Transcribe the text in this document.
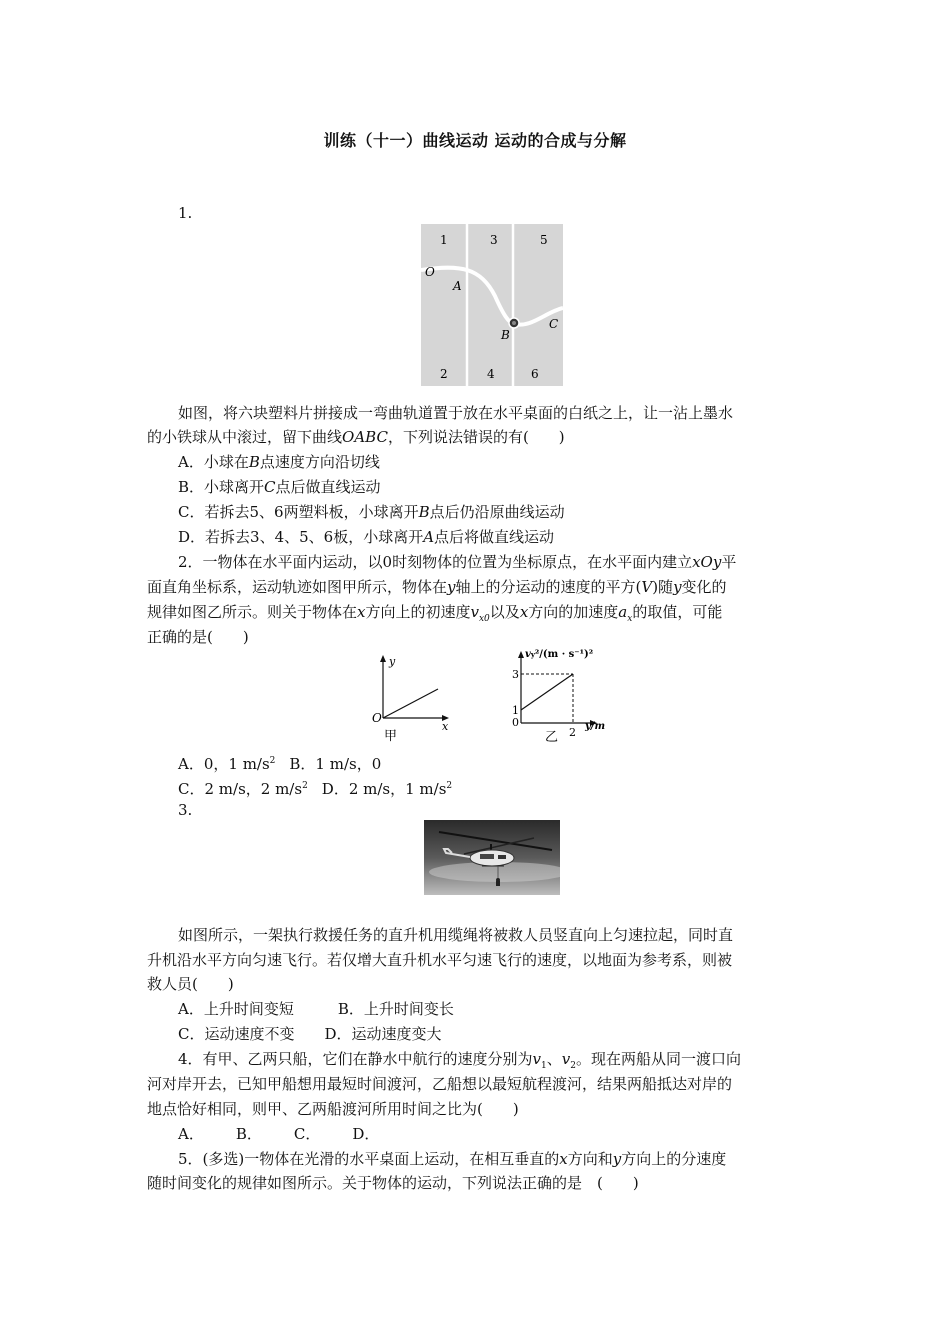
训练（十一）曲线运动 运动的合成与分解
1.
1	3	5
2	4	6
O
A
B
C
如图，将六块塑料片拼接成一弯曲轨道置于放在水平桌面的白纸之上，让一沾上墨水
的小铁球从中滚过，留下曲线OABC，下列说法错误的有(　　)
A．小球在B点速度方向沿切线
B．小球离开C点后做直线运动
C．若拆去5、6两塑料板，小球离开B点后仍沿原曲线运动
D．若拆去3、4、5、6板，小球离开A点后将做直线运动
2．一物体在水平面内运动，以0时刻物体的位置为坐标原点，在水平面内建立xOy平
面直角坐标系，运动轨迹如图甲所示，物体在y轴上的分运动的速度的平方(V)随y变化的
规律如图乙所示。则关于物体在x方向上的初速度$v_{x0}$以及x方向的加速度$a_x$的取值，可能
正确的是(　　)
y
x
O
甲
vy²/(m · s⁻¹)²
3
1
0
2 y/m
乙
A．0，1 $m/s^2$ B．1 m/s，0
C．2 m/s，2 $m/s^2$ D．2 m/s，1 $m/s^2$
3.
如图所示，一架执行救援任务的直升机用缆绳将被救人员竖直向上匀速拉起，同时直
升机沿水平方向匀速飞行。若仅增大直升机水平匀速飞行的速度，以地面为参考系，则被
救人员(　　)
A．上升时间变短	B．上升时间变长
C．运动速度不变 D．运动速度变大
4．有甲、乙两只船，它们在静水中航行的速度分别为$v_1$、$v_2$。现在两船从同一渡口向
河对岸开去，已知甲船想用最短时间渡河，乙船想以最短航程渡河，结果两船抵达对岸的
地点恰好相同，则甲、乙两船渡河所用时间之比为(　　)
A． B． C． D．
5．(多选)一物体在光滑的水平桌面上运动，在相互垂直的x方向和y方向上的分速度
随时间变化的规律如图所示。关于物体的运动，下列说法正确的是　(　　)
